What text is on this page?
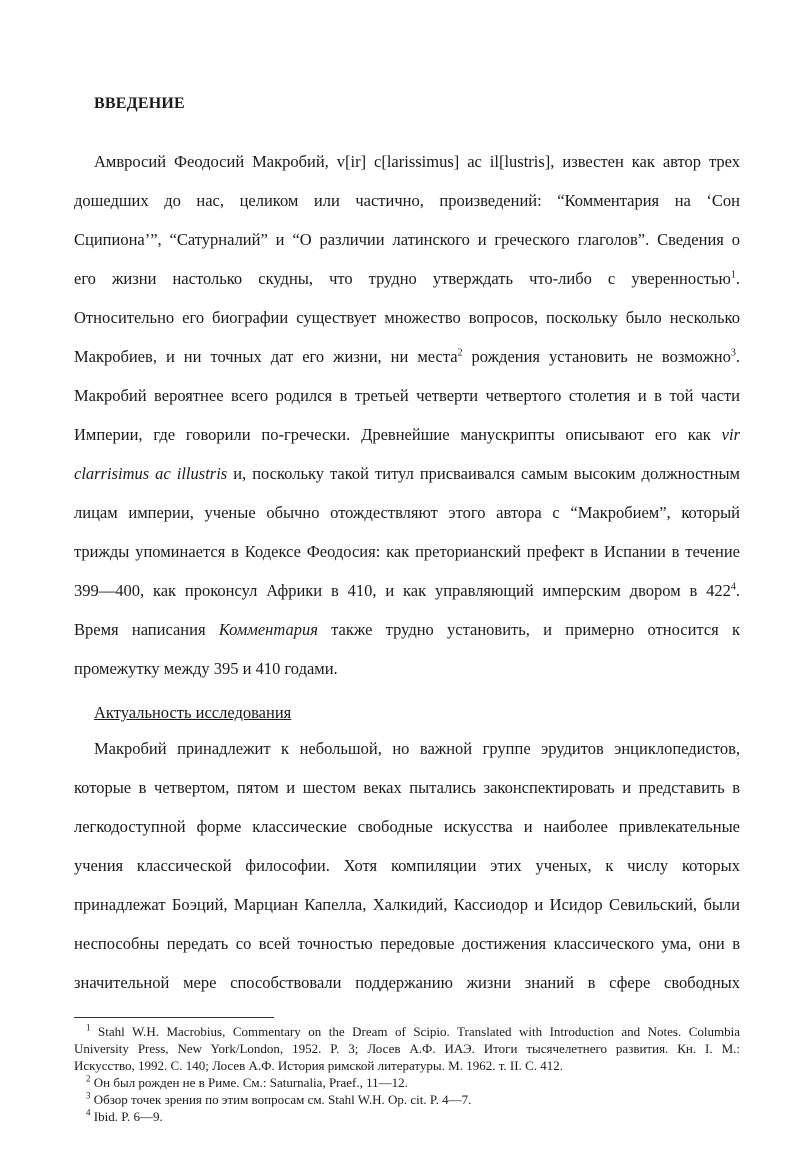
ВВЕДЕНИЕ
Амвросий Феодосий Макробий, v[ir] c[larissimus] ac il[lustris], известен как автор трех
дошедших до нас, целиком или частично, произведений: “Комментария на ‘Сон
Сципиона’”, “Сатурналий” и “О различии латинского и греческого глаголов”. Сведения о
его жизни настолько скудны, что трудно утверждать что-либо с уверенностью$^1$.
Относительно его биографии существует множество вопросов, поскольку было несколько
Макробиев, и ни точных дат его жизни, ни места$^2$ рождения установить не возможно$^3$.
Макробий вероятнее всего родился в третьей четверти четвертого столетия и в той части
Империи, где говорили по-гречески. Древнейшие манускрипты описывают его как vir
clarrisimus ac illustris и, поскольку такой титул присваивался самым высоким должностным
лицам империи, ученые обычно отождествляют этого автора с “Макробием”, который
трижды упоминается в Кодексе Феодосия: как преторианский префект в Испании в течение
399—400, как проконсул Африки в 410, и как управляющий имперским двором в $422^4$.
Время написания Комментария также трудно установить, и примерно относится к
промежутку между 395 и 410 годами.
Актуальность исследования
Макробий принадлежит к небольшой, но важной группе эрудитов энциклопедистов,
которые в четвертом, пятом и шестом веках пытались законспектировать и представить в
легкодоступной форме классические свободные искусства и наиболее привлекательные
учения классической философии. Хотя компиляции этих ученых, к числу которых
принадлежат Боэций, Марциан Капелла, Халкидий, Кассиодор и Исидор Севильский, были
неспособны передать со всей точностью передовые достижения классического ума, они в
значительной мере способствовали поддержанию жизни знаний в сфере свободных
$^1$ Stahl W.H. Macrobius, Commentary on the Dream of Scipio. Translated with Introduction and Notes. Columbia
University Press, New York/London, 1952. P. 3; Лосев А.Ф. ИАЭ. Итоги тысячелетнего развития. Кн. I. М.:
Искусство, 1992. С. 140; Лосев А.Ф. История римской литературы. М. 1962. т. II. С. 412.
$^2$ Он был рожден не в Риме. См.: Saturnalia, Praef., 11—12.
$^3$ Обзор точек зрения по этим вопросам см. Stahl W.H. Op. cit. P. 4—7.
$^4$ Ibid. P. 6—9.
